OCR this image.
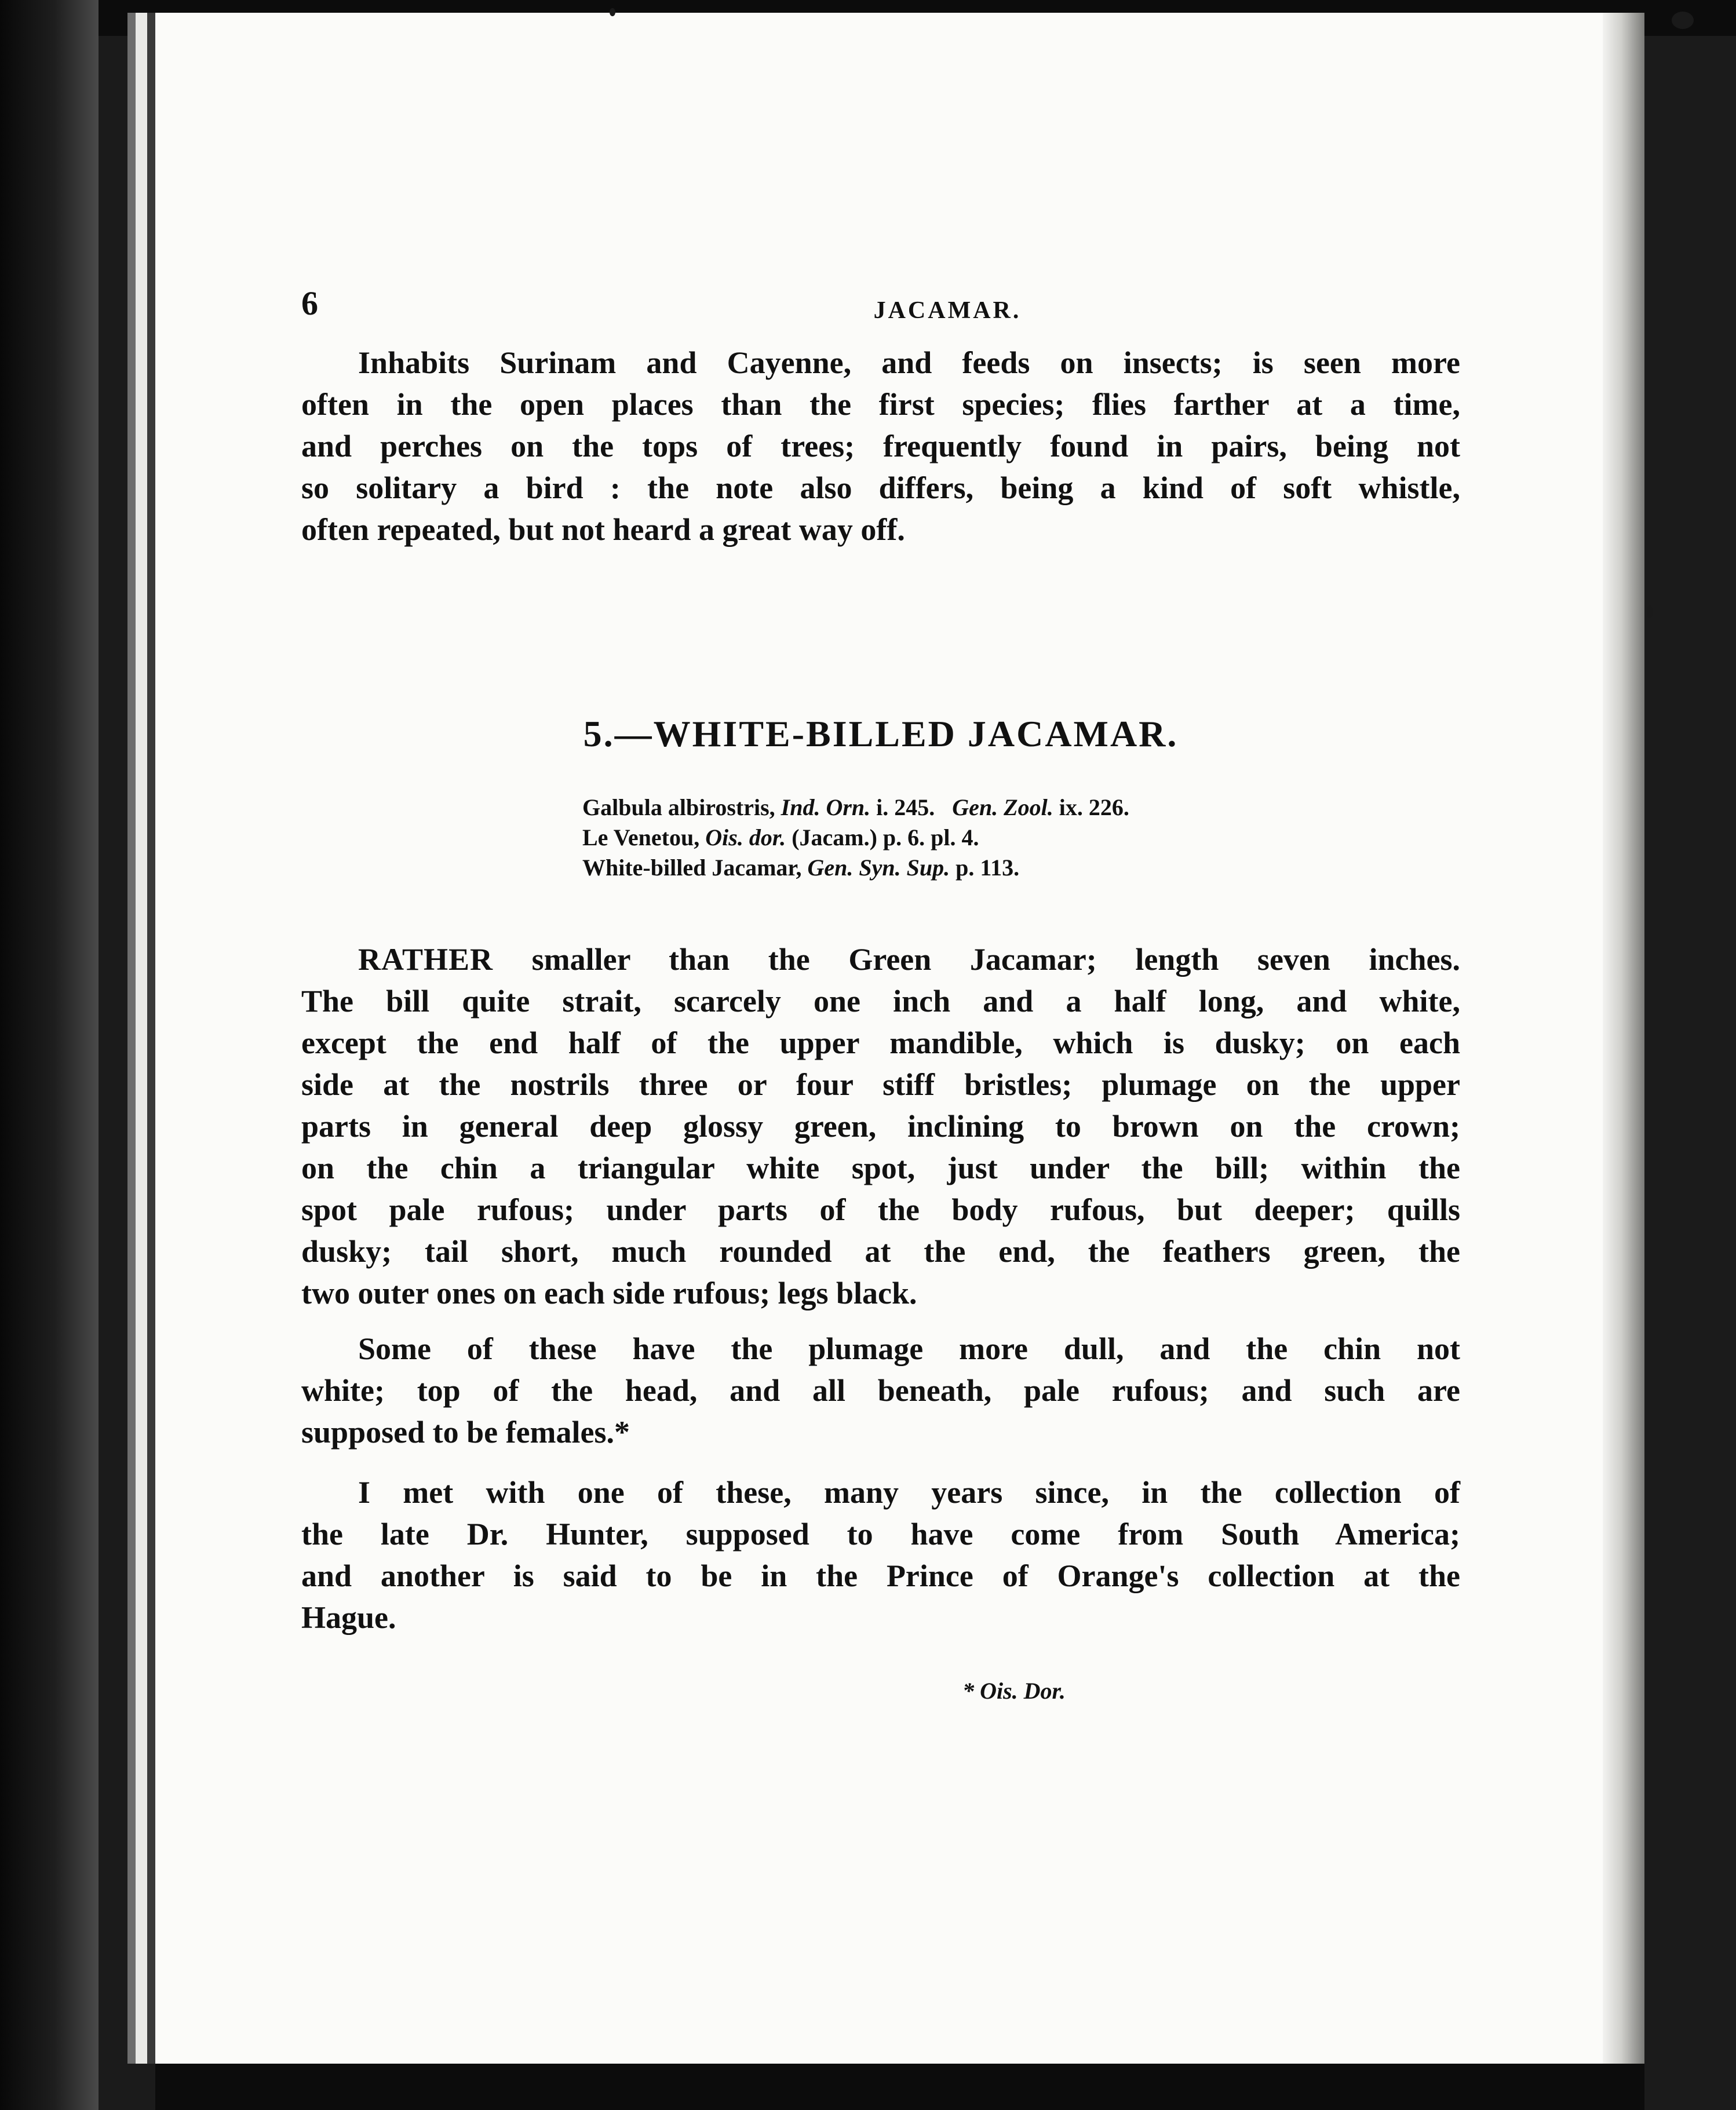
6	JACAMAR.

Inhabits Surinam and Cayenne, and feeds on insects; is seen more
often in the open places than the first species; flies farther at a time,
and perches on the tops of trees; frequently found in pairs, being not
so solitary a bird : the note also differs, being a kind of soft whistle,
often repeated, but not heard a great way off.

5.—WHITE-BILLED JACAMAR.
Galbula albirostris, Ind. Orn. i. 245. Gen. Zool. ix. 226.
Le Venetou, Ois. dor. (Jacam.) p. 6. pl. 4.
White-billed Jacamar, Gen. Syn. Sup. p. 113.

RATHER smaller than the Green Jacamar; length seven inches.
The bill quite strait, scarcely one inch and a half long, and white,
except the end half of the upper mandible, which is dusky; on each
side at the nostrils three or four stiff bristles; plumage on the upper
parts in general deep glossy green, inclining to brown on the crown;
on the chin a triangular white spot, just under the bill; within the
spot pale rufous; under parts of the body rufous, but deeper; quills
dusky; tail short, much rounded at the end, the feathers green, the
two outer ones on each side rufous; legs black.

Some of these have the plumage more dull, and the chin not
white; top of the head, and all beneath, pale rufous; and such are
supposed to be females.*

I met with one of these, many years since, in the collection of
the late Dr. Hunter, supposed to have come from South America;
and another is said to be in the Prince of Orange's collection at the
Hague.

* Ois. Dor.
